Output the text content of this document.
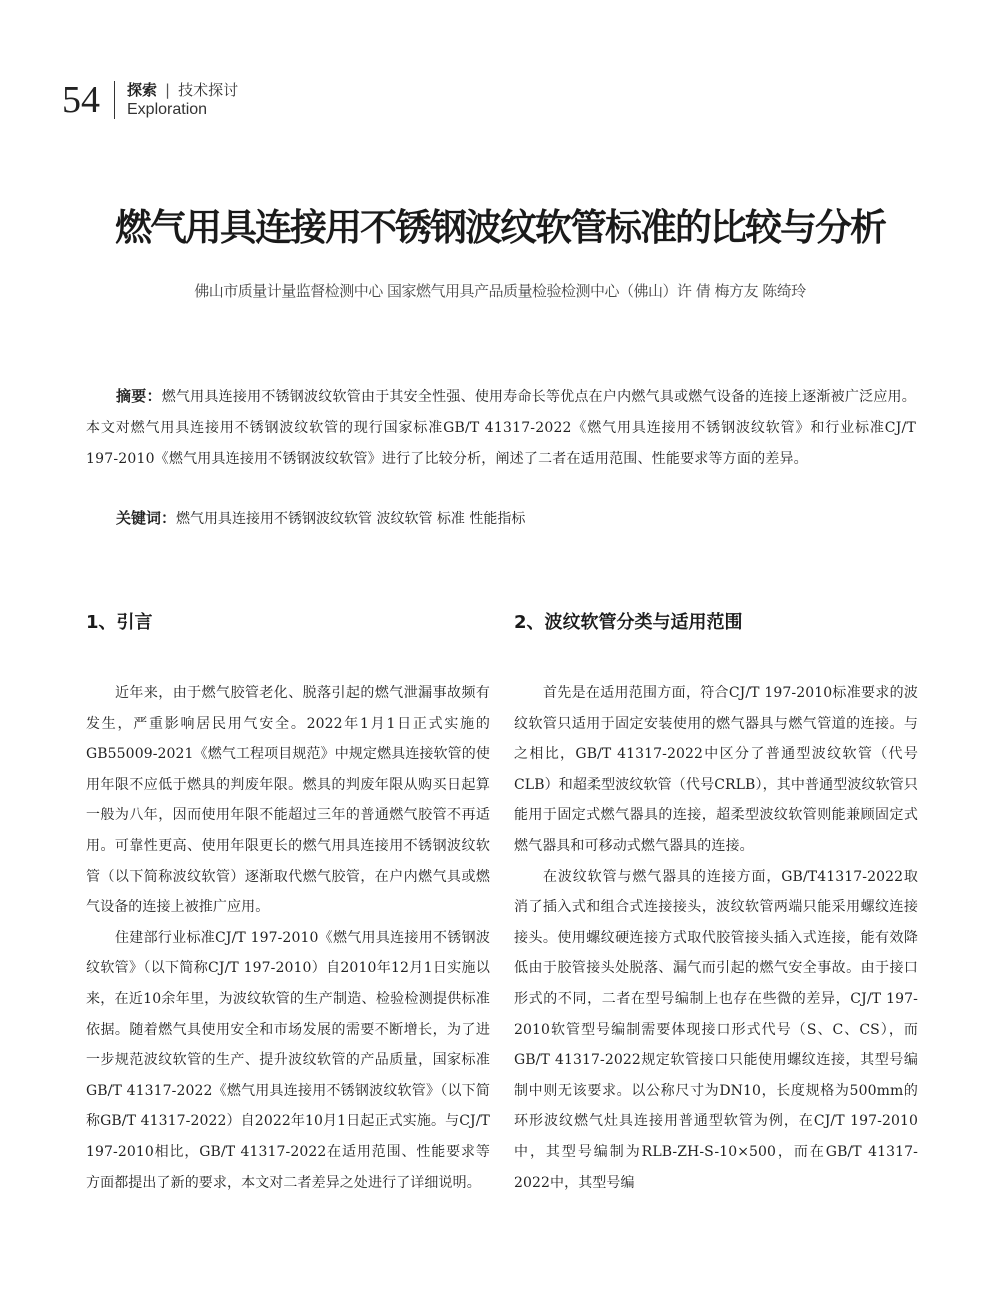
54 探索 | 技术探讨
Exploration
燃气用具连接用不锈钢波纹软管标准的比较与分析
佛山市质量计量监督检测中心 国家燃气用具产品质量检验检测中心（佛山）许 倩 梅方友 陈绮玲

摘要：燃气用具连接用不锈钢波纹软管由于其安全性强、使用寿命长等优点在户内燃气具或燃气设备的连接上逐渐被广泛应用。本文对燃气用具连接用不锈钢波纹软管的现行国家标准GB/T 41317-2022《燃气用具连接用不锈钢波纹软管》和行业标准CJ/T 197-2010《燃气用具连接用不锈钢波纹软管》进行了比较分析，阐述了二者在适用范围、性能要求等方面的差异。

关键词：燃气用具连接用不锈钢波纹软管 波纹软管 标准 性能指标
1、引言

近年来，由于燃气胶管老化、脱落引起的燃气泄漏事故频有发生，严重影响居民用气安全。2022年1月1日正式实施的GB55009-2021《燃气工程项目规范》中规定燃具连接软管的使用年限不应低于燃具的判废年限。燃具的判废年限从购买日起算一般为八年，因而使用年限不能超过三年的普通燃气胶管不再适用。可靠性更高、使用年限更长的燃气用具连接用不锈钢波纹软管（以下简称波纹软管）逐渐取代燃气胶管，在户内燃气具或燃气设备的连接上被推广应用。

住建部行业标准CJ/T 197-2010《燃气用具连接用不锈钢波纹软管》（以下简称CJ/T 197-2010）自2010年12月1日实施以来，在近10余年里，为波纹软管的生产制造、检验检测提供标准依据。随着燃气具使用安全和市场发展的需要不断增长，为了进一步规范波纹软管的生产、提升波纹软管的产品质量，国家标准GB/T 41317-2022《燃气用具连接用不锈钢波纹软管》（以下简称GB/T 41317-2022）自2022年10月1日起正式实施。与CJ/T 197-2010相比，GB/T 41317-2022在适用范围、性能要求等方面都提出了新的要求，本文对二者差异之处进行了详细说明。

2、波纹软管分类与适用范围

首先是在适用范围方面，符合CJ/T 197-2010标准要求的波纹软管只适用于固定安装使用的燃气器具与燃气管道的连接。与之相比，GB/T 41317-2022中区分了普通型波纹软管（代号CLB）和超柔型波纹软管（代号CRLB），其中普通型波纹软管只能用于固定式燃气器具的连接，超柔型波纹软管则能兼顾固定式燃气器具和可移动式燃气器具的连接。

在波纹软管与燃气器具的连接方面，GB/T41317-2022取消了插入式和组合式连接接头，波纹软管两端只能采用螺纹连接接头。使用螺纹硬连接方式取代胶管接头插入式连接，能有效降低由于胶管接头处脱落、漏气而引起的燃气安全事故。由于接口形式的不同，二者在型号编制上也存在些微的差异，CJ/T 197-2010软管型号编制需要体现接口形式代号（S、C、CS），而GB/T 41317-2022规定软管接口只能使用螺纹连接，其型号编制中则无该要求。以公称尺寸为DN10，长度规格为500mm的环形波纹燃气灶具连接用普通型软管为例，在CJ/T 197-2010中，其型号编制为RLB-ZH-S-10×500，而在GB/T 41317-2022中，其型号编
